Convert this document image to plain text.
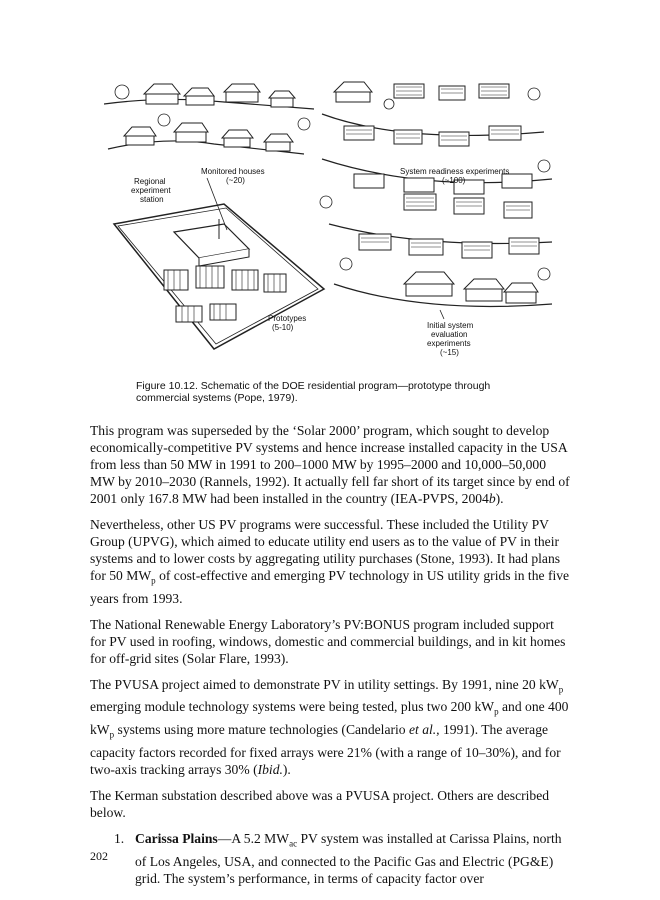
Regional experiment station
Monitored houses (~20)
System readiness experiments (~100)
Prototypes (5-10)	Initial system evaluation experiments (~15)
Figure 10.12. Schematic of the DOE residential program—prototype through
commercial systems (Pope, 1979).

This program was superseded by the ‘Solar 2000’ program, which sought to develop economically-competitive PV systems and hence increase installed capacity in the USA from less than 50 MW in 1991 to 200–1000 MW by 1995–2000 and 10,000–50,000 MW by 2010–2030 (Rannels, 1992). It actually fell far short of its target since by end of 2001 only 167.8 MW had been installed in the country (IEA-PVPS, 2004b).

Nevertheless, other US PV programs were successful. These included the Utility PV Group (UPVG), which aimed to educate utility end users as to the value of PV in their systems and to lower costs by aggregating utility purchases (Stone, 1993). It had plans for 50 $MW_p$ of cost-effective and emerging PV technology in US utility grids in the five years from 1993.

The National Renewable Energy Laboratory’s PV:BONUS program included support for PV used in roofing, windows, domestic and commercial buildings, and in kit homes for off-grid sites (Solar Flare, 1993).

The PVUSA project aimed to demonstrate PV in utility settings. By 1991, nine 20 $kW_p$ emerging module technology systems were being tested, plus two 200 $kW_p$ and one 400 $kW_p$ systems using more mature technologies (Candelario et al., 1991). The average capacity factors recorded for fixed arrays were 21% (with a range of 10–30%), and for two-axis tracking arrays 30% (Ibid.).

The Kerman substation described above was a PVUSA project. Others are described below.

1. Carissa Plains—A 5.2 $MW_{ac}$ PV system was installed at Carissa Plains, north of Los Angeles, USA, and connected to the Pacific Gas and Electric (PG&E) grid. The system’s performance, in terms of capacity factor over
202
